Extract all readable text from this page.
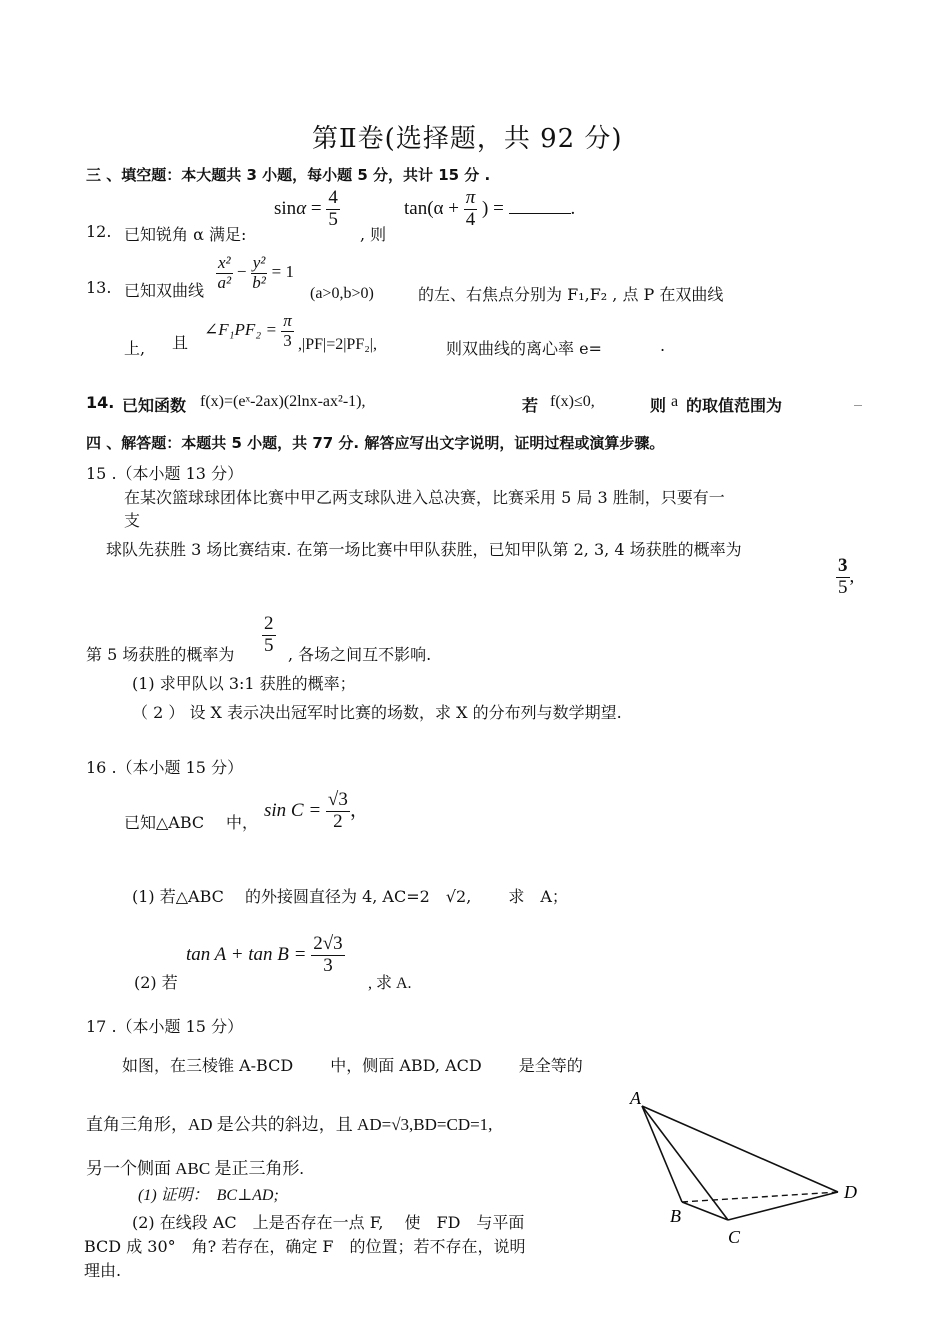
第Ⅱ卷(选择题，共 92 分)
三 、填空题：本大题共 3 小题，每小题 5 分，共计 15 分 .
12. 已知锐角 α 满足:
$\sin\alpha = \frac{4}{5}$
, 则
$\tan(\alpha + \frac{\pi}{4}$ ) =	.
13. 已知双曲线 $\frac{\text{x²}}{\text{a²}} - \frac{\text{y²}}{\text{b²}} = 1$
(a>0,b>0)	的左、右焦点分别为 F₁,F₂ , 点 P 在双曲线
上, 且
∠F₁PF₂ = $\frac{\pi}{3} ,|PF|=2|PF_2|$,	则双曲线的离心率 e=	.
14. 已知函数 f(x)=(eˣ-2ax)(2lnx-ax²-1),	若 f(x)≤0,	则 a 的取值范围为
四 、解答题：本题共 5 小题，共 77 分. 解答应写出文字说明，证明过程或演算步骤。
15 .（本小题 13 分）
在某次篮球球团体比赛中甲乙两支球队进入总决赛，比赛采用 5 局 3 胜制，只要有一
支
球队先获胜 3 场比赛结束. 在第一场比赛中甲队获胜，已知甲队第 2, 3, 4 场获胜的概率为
$\frac{3}{5}$ ,
第 5 场获胜的概率为 $\frac{2}{5}$ , 各场之间互不影响.
(1) 求甲队以 3:1 获胜的概率；
（ 2 ） 设 X 表示决出冠军时比赛的场数，求 X 的分布列与数学期望.
16 .（本小题 15 分）
已知△ABC 中，
$\sin C = \frac{√3}{2}$ ，
(1) 若△ABC　 的外接圆直径为 4, AC=2　√2,　　 求　A；
(2) 若
$\tan A + \tan B = \frac{2√3}{3}$
, 求 A.
17 .（本小题 15 分）
如图，在三棱锥 A-BCD　　 中，侧面 ABD, ACD　　 是全等的
直角三角形，AD 是公共的斜边，且 AD=√3,BD=CD=1,
另一个侧面 ABC 是正三角形.
(1) 证明：　BC⊥AD;
(2) 在线段 AC　上是否存在一点 F,　 使　FD　与平面
BCD 成 30°　角? 若存在，确定 F　的位置；若不存在，说明
理由.
A
B
C
D
